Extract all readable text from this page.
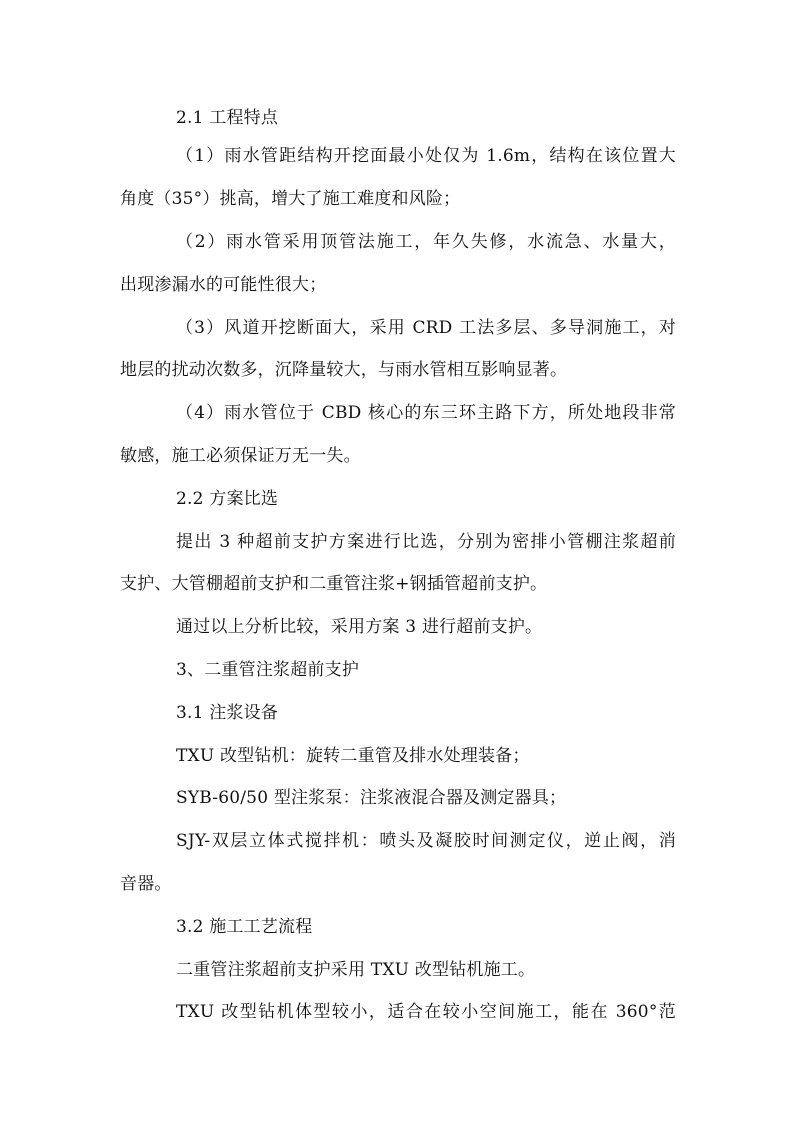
2.1 工程特点
（1）雨水管距结构开挖面最小处仅为 1.6m，结构在该位置大
角度（35°）挑高，增大了施工难度和风险；
（2）雨水管采用顶管法施工，年久失修，水流急、水量大，
出现渗漏水的可能性很大；
（3）风道开挖断面大，采用 CRD 工法多层、多导洞施工，对
地层的扰动次数多，沉降量较大，与雨水管相互影响显著。
（4）雨水管位于 CBD 核心的东三环主路下方，所处地段非常
敏感，施工必须保证万无一失。
2.2 方案比选
提出 3 种超前支护方案进行比选，分别为密排小管棚注浆超前
支护、大管棚超前支护和二重管注浆+钢插管超前支护。
通过以上分析比较，采用方案 3 进行超前支护。
3、二重管注浆超前支护
3.1 注浆设备
TXU 改型钻机：旋转二重管及排水处理装备；
SYB-60/50 型注浆泵：注浆液混合器及测定器具；
SJY-双层立体式搅拌机：喷头及凝胶时间测定仪，逆止阀，消
音器。
3.2 施工工艺流程
二重管注浆超前支护采用 TXU 改型钻机施工。
TXU 改型钻机体型较小，适合在较小空间施工，能在 360°范
